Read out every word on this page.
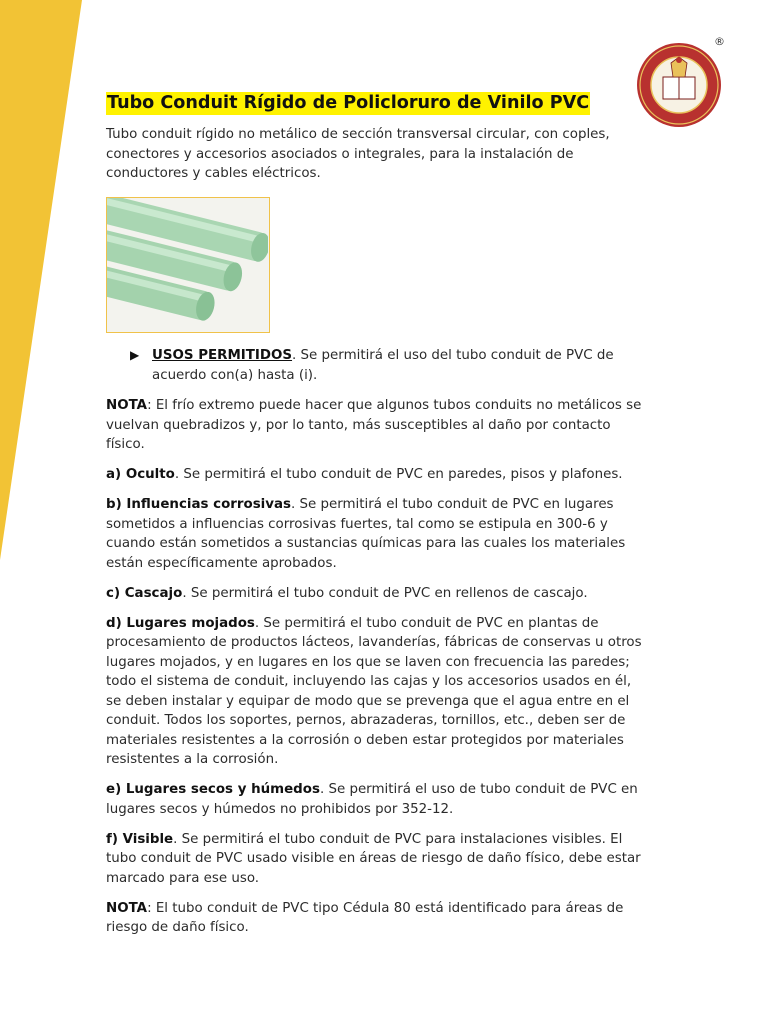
®
Tubo Conduit Rígido de Policloruro de Vinilo PVC

Tubo conduit rígido no metálico de sección transversal circular, con coples, conectores y accesorios asociados o integrales, para la instalación de conductores y cables eléctricos.

▶ USOS PERMITIDOS. Se permitirá el uso del tubo conduit de PVC de acuerdo con(a) hasta (i).

NOTA: El frío extremo puede hacer que algunos tubos conduits no metálicos se vuelvan quebradizos y, por lo tanto, más susceptibles al daño por contacto físico.

a) Oculto. Se permitirá el tubo conduit de PVC en paredes, pisos y plafones.

b) Influencias corrosivas. Se permitirá el tubo conduit de PVC en lugares sometidos a influencias corrosivas fuertes, tal como se estipula en 300-6 y cuando están sometidos a sustancias químicas para las cuales los materiales están específicamente aprobados.

c) Cascajo. Se permitirá el tubo conduit de PVC en rellenos de cascajo.

d) Lugares mojados. Se permitirá el tubo conduit de PVC en plantas de procesamiento de productos lácteos, lavanderías, fábricas de conservas u otros lugares mojados, y en lugares en los que se laven con frecuencia las paredes; todo el sistema de conduit, incluyendo las cajas y los accesorios usados en él, se deben instalar y equipar de modo que se prevenga que el agua entre en el conduit. Todos los soportes, pernos, abrazaderas, tornillos, etc., deben ser de materiales resistentes a la corrosión o deben estar protegidos por materiales resistentes a la corrosión.

e) Lugares secos y húmedos. Se permitirá el uso de tubo conduit de PVC en lugares secos y húmedos no prohibidos por 352-12.

f) Visible. Se permitirá el tubo conduit de PVC para instalaciones visibles. El tubo conduit de PVC usado visible en áreas de riesgo de daño físico, debe estar marcado para ese uso.

NOTA: El tubo conduit de PVC tipo Cédula 80 está identificado para áreas de riesgo de daño físico.
